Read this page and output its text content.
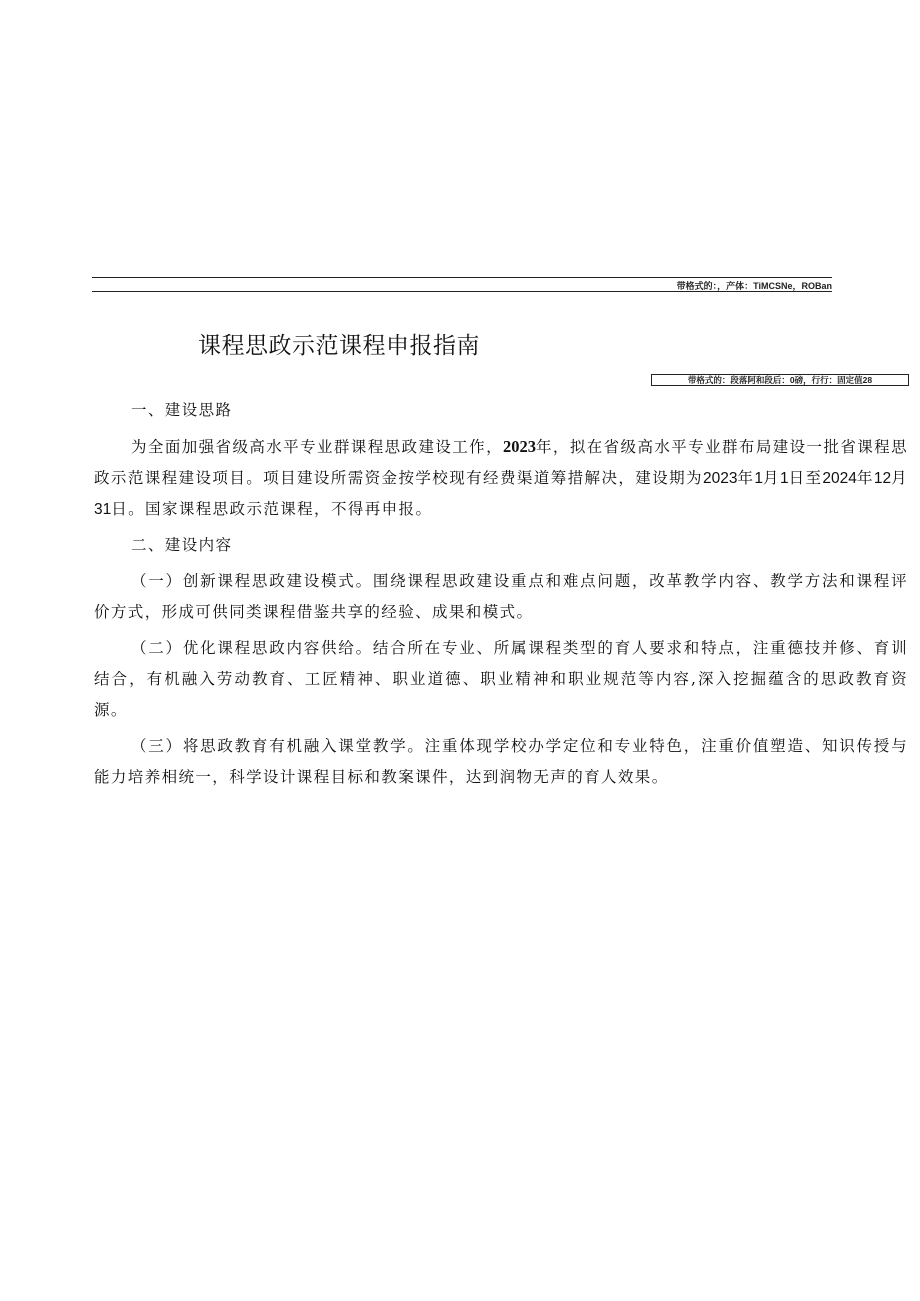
带格式的：，产体：TiMCSNe，ROBan
课程思政示范课程申报指南
带格式的：段落阿和段后：0磅，行行：固定值28

一、建设思路

为全面加强省级高水平专业群课程思政建设工作，2023年，拟在省级高水平专业群布局建设一批省课程思政示范课程建设项目。项目建设所需资金按学校现有经费渠道筹措解决，建设期为2023年1月1日至2024年12月31日。国家课程思政示范课程，不得再申报。

二、建设内容

（一）创新课程思政建设模式。围绕课程思政建设重点和难点问题，改革教学内容、教学方法和课程评价方式，形成可供同类课程借鉴共享的经验、成果和模式。

（二）优化课程思政内容供给。结合所在专业、所属课程类型的育人要求和特点，注重德技并修、育训结合，有机融入劳动教育、工匠精神、职业道德、职业精神和职业规范等内容,深入挖掘蕴含的思政教育资源。

（三）将思政教育有机融入课堂教学。注重体现学校办学定位和专业特色，注重价值塑造、知识传授与能力培养相统一，科学设计课程目标和教案课件，达到润物无声的育人效果。
